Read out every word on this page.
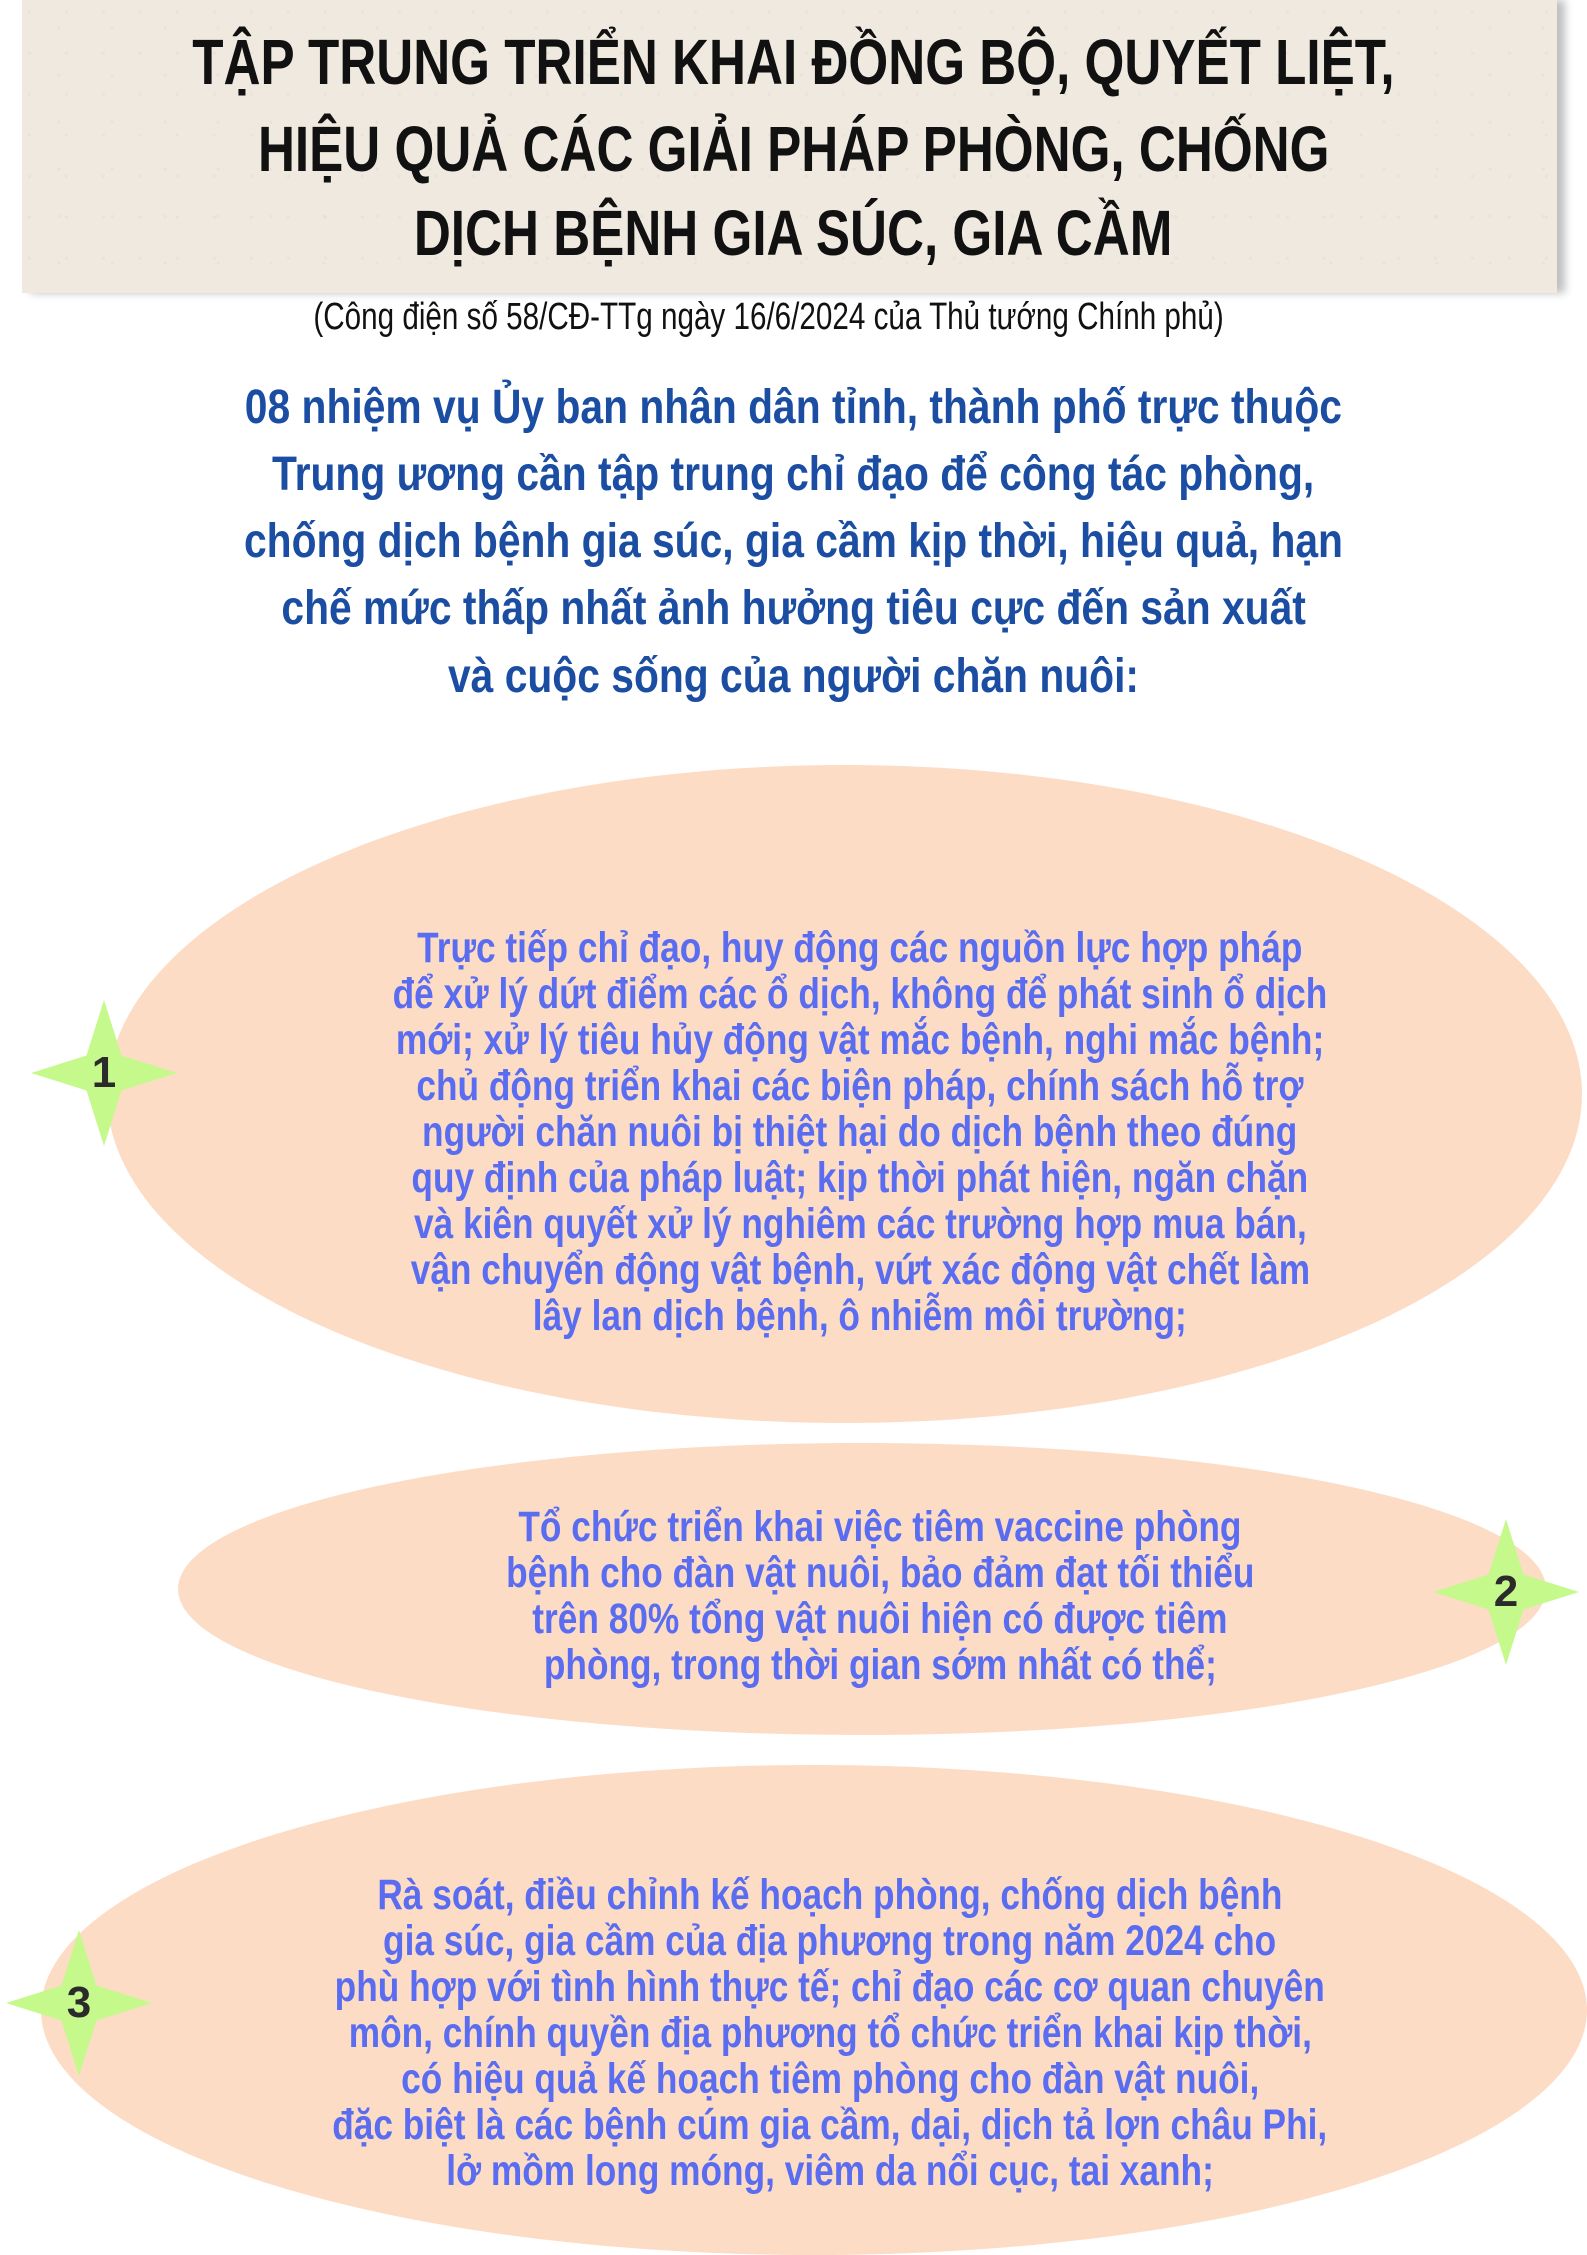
TẬP TRUNG TRIỂN KHAI ĐỒNG BỘ, QUYẾT LIỆT,
HIỆU QUẢ CÁC GIẢI PHÁP PHÒNG, CHỐNG
DỊCH BỆNH GIA SÚC, GIA CẦM
(Công điện số 58/CĐ-TTg ngày 16/6/2024 của Thủ tướng Chính phủ)
08 nhiệm vụ Ủy ban nhân dân tỉnh, thành phố trực thuộc
Trung ương cần tập trung chỉ đạo để công tác phòng,
chống dịch bệnh gia súc, gia cầm kịp thời, hiệu quả, hạn
chế mức thấp nhất ảnh hưởng tiêu cực đến sản xuất
và cuộc sống của người chăn nuôi:
Trực tiếp chỉ đạo, huy động các nguồn lực hợp pháp
để xử lý dứt điểm các ổ dịch, không để phát sinh ổ dịch
mới; xử lý tiêu hủy động vật mắc bệnh, nghi mắc bệnh;
chủ động triển khai các biện pháp, chính sách hỗ trợ
người chăn nuôi bị thiệt hại do dịch bệnh theo đúng
quy định của pháp luật; kịp thời phát hiện, ngăn chặn
và kiên quyết xử lý nghiêm các trường hợp mua bán,
vận chuyển động vật bệnh, vứt xác động vật chết làm
lây lan dịch bệnh, ô nhiễm môi trường;
1
Tổ chức triển khai việc tiêm vaccine phòng
bệnh cho đàn vật nuôi, bảo đảm đạt tối thiểu
trên 80% tổng vật nuôi hiện có được tiêm
phòng, trong thời gian sớm nhất có thể;
2
Rà soát, điều chỉnh kế hoạch phòng, chống dịch bệnh
gia súc, gia cầm của địa phương trong năm 2024 cho
phù hợp với tình hình thực tế; chỉ đạo các cơ quan chuyên
môn, chính quyền địa phương tổ chức triển khai kịp thời,
có hiệu quả kế hoạch tiêm phòng cho đàn vật nuôi,
đặc biệt là các bệnh cúm gia cầm, dại, dịch tả lợn châu Phi,
lở mồm long móng, viêm da nổi cục, tai xanh;
3
